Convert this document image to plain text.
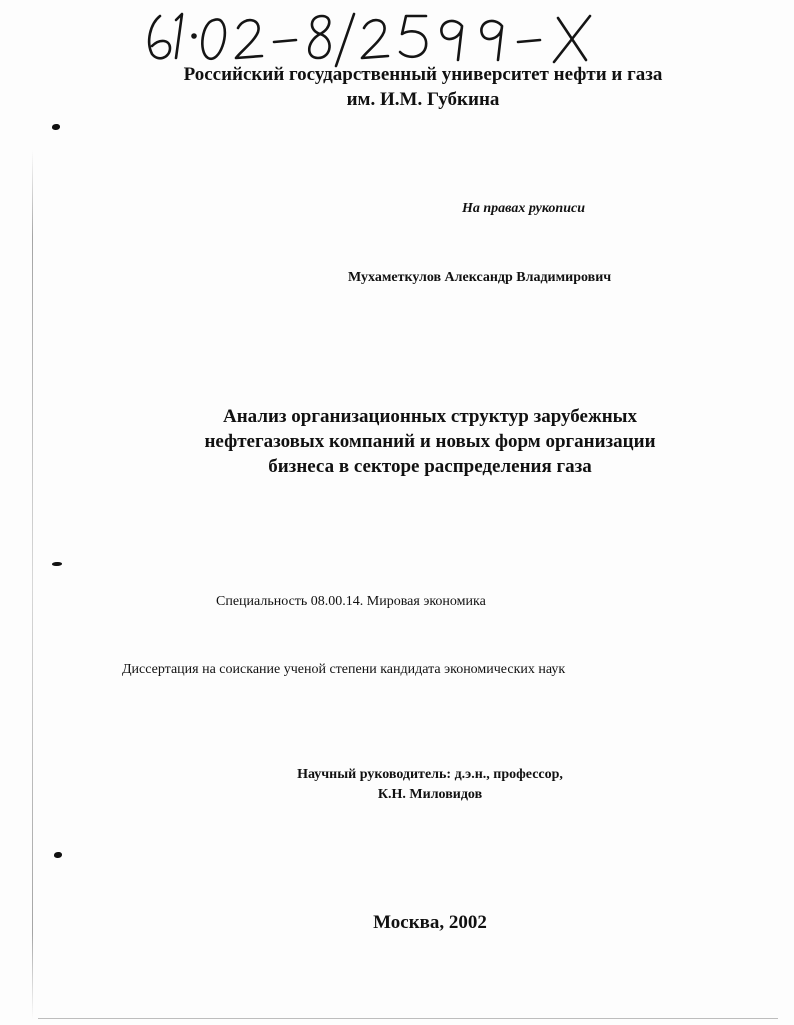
Российский государственный университет нефти и газа
им. И.М. Губкина
На правах рукописи
Мухаметкулов Александр Владимирович
Анализ организационных структур зарубежных
нефтегазовых компаний и новых форм организации
бизнеса в секторе распределения газа
Специальность 08.00.14. Мировая экономика
Диссертация на соискание ученой степени кандидата экономических наук
Научный руководитель: д.э.н., профессор,
К.Н. Миловидов
Москва, 2002
